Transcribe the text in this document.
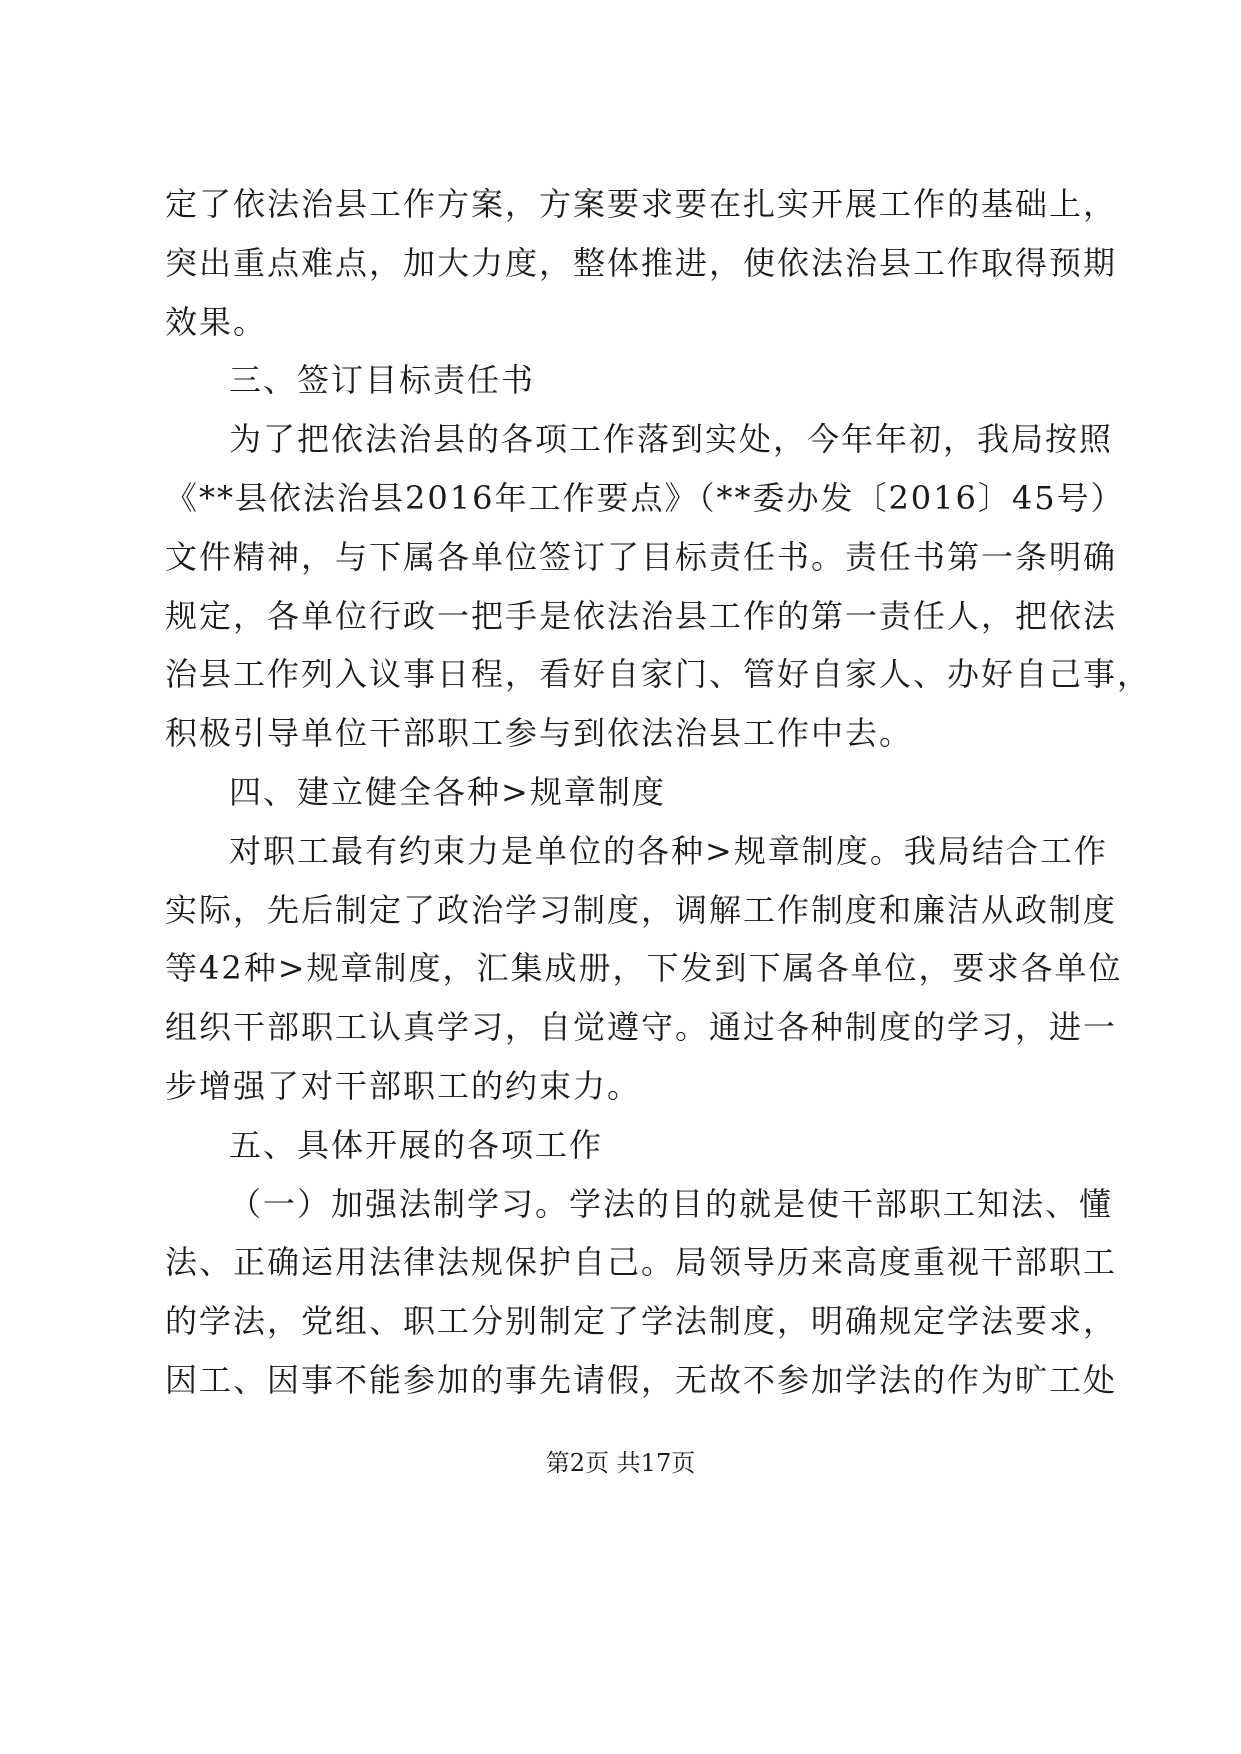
定了依法治县工作方案，方案要求要在扎实开展工作的基础上，
突出重点难点，加大力度，整体推进，使依法治县工作取得预期
效果。
三、签订目标责任书
为了把依法治县的各项工作落到实处，今年年初，我局按照
《**县依法治县2016年工作要点》（**委办发〔2016〕45号）
文件精神，与下属各单位签订了目标责任书。责任书第一条明确
规定，各单位行政一把手是依法治县工作的第一责任人，把依法
治县工作列入议事日程，看好自家门、管好自家人、办好自己事，
积极引导单位干部职工参与到依法治县工作中去。
四、建立健全各种>规章制度
对职工最有约束力是单位的各种>规章制度。我局结合工作
实际，先后制定了政治学习制度，调解工作制度和廉洁从政制度
等42种>规章制度，汇集成册，下发到下属各单位，要求各单位
组织干部职工认真学习，自觉遵守。通过各种制度的学习，进一
步增强了对干部职工的约束力。
五、具体开展的各项工作
（一）加强法制学习。学法的目的就是使干部职工知法、懂
法、正确运用法律法规保护自己。局领导历来高度重视干部职工
的学法，党组、职工分别制定了学法制度，明确规定学法要求，
因工、因事不能参加的事先请假，无故不参加学法的作为旷工处
第2页 共17页
